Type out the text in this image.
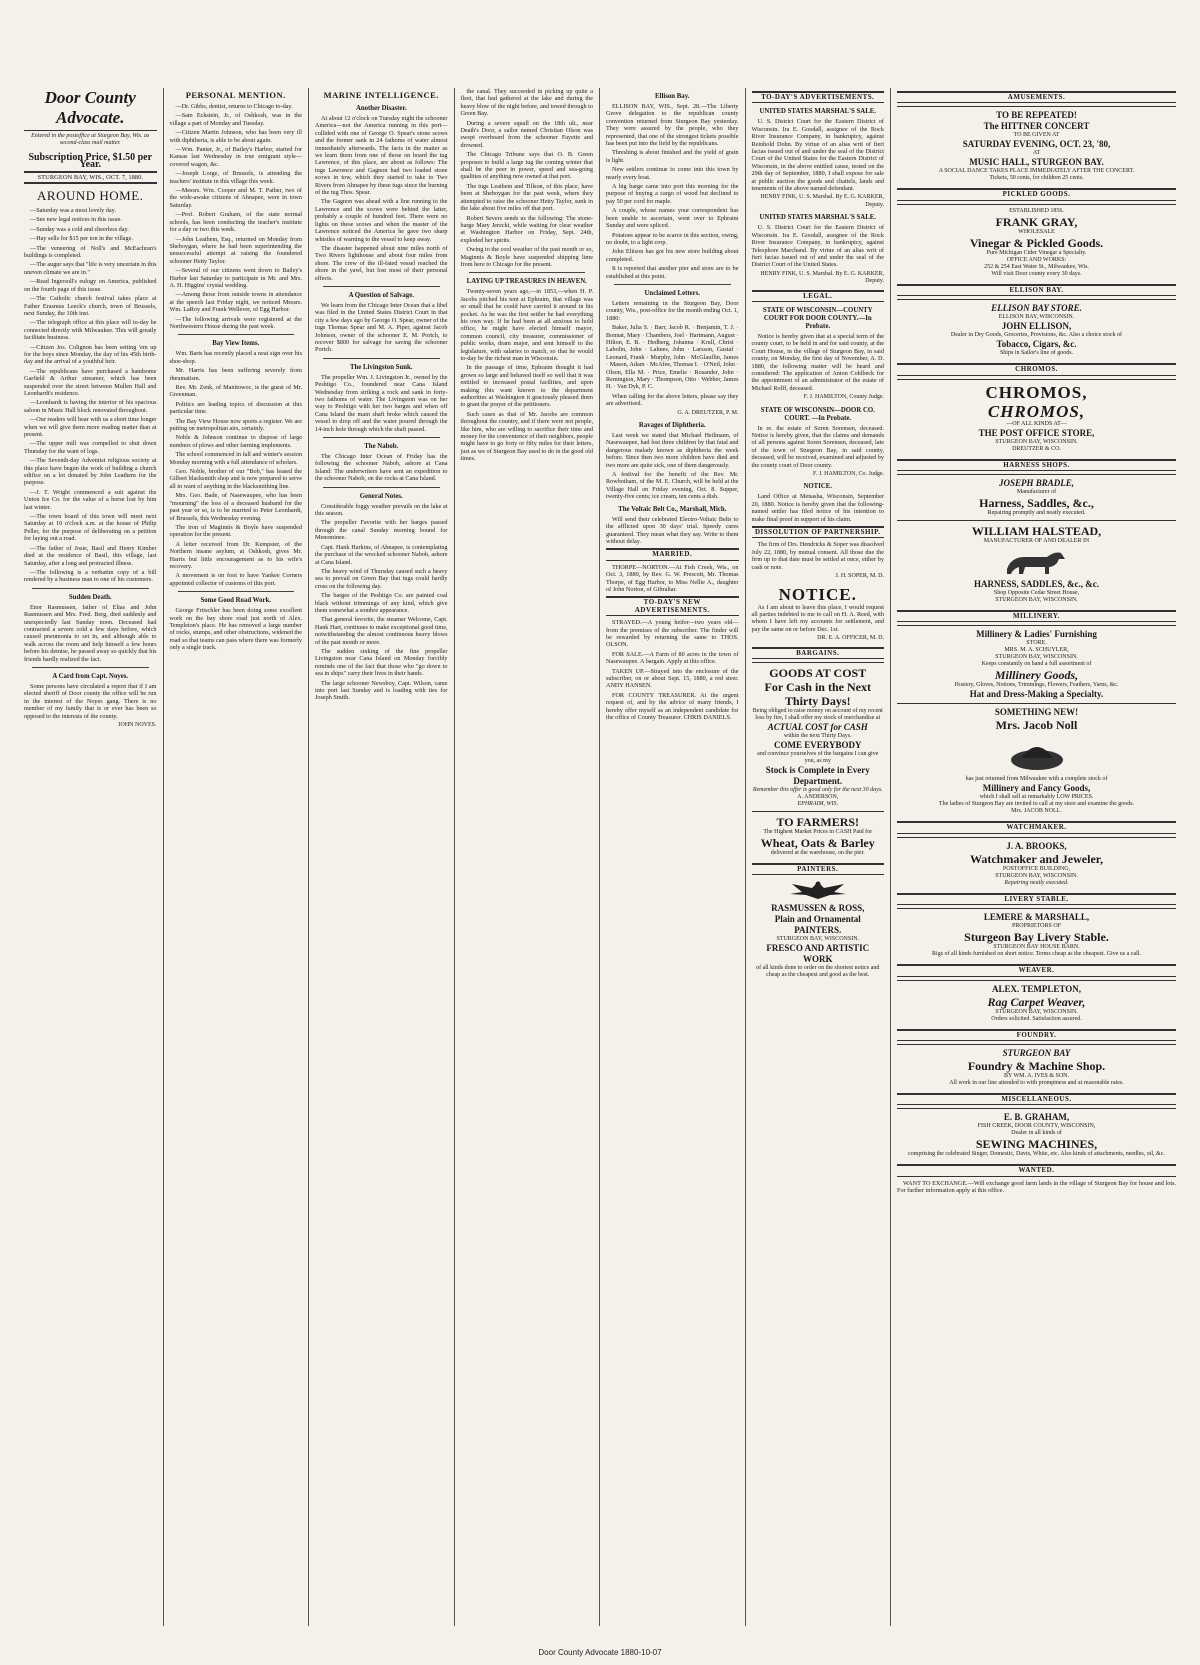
Door County Advocate.
Entered in the postoffice at Sturgeon Bay, Wis. as second-class mail matter.
Subscription Price, $1.50 per Year.
STURGEON BAY, WIS., OCT. 7, 1880.
AROUND HOME.

—Saturday was a most lovely day.

—See new legal notices in this issue.

—Sunday was a cold and cheerless day.

—Hay sells for $15 per ton in the village.

—The veneering of Noll's and McEachran's buildings is completed.

—The augur says that "life is very uncertain in this uneven climate we are in."

—Read Ingersoll's eulogy on America, published on the fourth page of this issue.

—The Catholic church festival takes place at Father Erasmus Leeck's church, town of Brussels, next Sunday, the 10th inst.

—The telegraph office at this place will to-day be connected directly with Milwaukee. This will greatly facilitate business.

—Citizen Jos. Colignon has been setting 'em up for the boys since Monday, the day of his 45th birth-day and the arrival of a youthful heir.

—The republicans have purchased a handsome Garfield & Arthur streamer, which has been suspended over the street between Mullen Hall and Leonhardt's residence.

—Leonhardt is having the interior of his spacious saloon in Music Hall block renovated throughout.

—Our readers will bear with us a short time longer when we will give them more reading matter than at present.

—The upper mill was compelled to shut down Thursday for the want of logs.

—The Seventh-day Adventist religious society at this place have begun the work of building a church edifice on a lot donated by John Leathem for the purpose.

—J. T. Wright commenced a suit against the Union Ice Co. for the value of a horse lost by him last winter.

—The town board of this town will meet next Saturday at 10 o'clock a.m. at the house of Philip Peller, for the purpose of deliberating on a petition for laying out a road.

—The father of Josie, Basil and Henry Kimber died at the residence of Basil, this village, last Saturday, after a long and protracted illness.

—The following is a verbatim copy of a bill rendered by a business man to one of his customers.

Sudden Death.

Enor Rasmussen, father of Elias and John Rasmussen and Mrs. Fred. Berg, died suddenly and unexpectedly last Sunday noon. Deceased had contracted a severe cold a few days before, which caused pneumonia to set in, and although able to walk across the room and help himself a few hours before his demise, he passed away so quickly that his friends hardly realized the fact.

A Card from Capt. Noyes.

Some persons have circulated a report that if I am elected sheriff of Door county the office will be run in the interest of the Noyes gang. There is no member of my family that is or ever has been so opposed to the interests of the county.

JOHN NOYES.
PERSONAL MENTION.

—Dr. Gibbs, dentist, returns to Chicago to-day.

—Sam Eckstein, Jr., of Oshkosh, was in the village a part of Monday and Tuesday.

—Citizen Martin Johnson, who has been very ill with diphtheria, is able to be about again.

—Wm. Panter, Jr., of Bailey's Harbor, started for Kansas last Wednesday in true emigrant style—covered wagon, &c.

—Joseph Lorge, of Brussels, is attending the teachers' institute in this village this week.

—Messrs. Wm. Cooper and M. T. Pather, two of the wide-awake citizens of Ahnapee, were in town Saturday.

—Prof. Robert Graham, of the state normal schools, has been conducting the teacher's institute for a day or two this week.

—John Leathem, Esq., returned on Monday from Sheboygan, where he had been superintending the unsuccessful attempt at raising the foundered schooner Hetty Taylor.

—Several of our citizens went down to Bailey's Harbor last Saturday to participate in Mr. and Mrs. A. H. Higgins' crystal wedding.

—Among those from outside towns in attendance at the speech last Friday night, we noticed Messrs. Wm. LaRoy and Frank Wellever, of Egg Harbor.

—The following arrivals were registered at the Northwestern House during the past week.

Bay View Items.

Wm. Barts has recently placed a neat sign over his shoe-shop.

Mr. Harris has been suffering severely from rheumatism.

Rev. Mr. Zenk, of Manitowoc, is the guest of Mr. Greenman.

Politics are leading topics of discussion at this particular time.

The Bay View House now sports a register. We are putting on metropolitan airs, certainly.

Noble & Johnson continue to dispose of large numbers of plows and other farming implements.

The school commenced in fall and winter's session Monday morning with a full attendance of scholars.

Geo. Noble, brother of our "Bob," has leased the Gilbert blacksmith shop and is now prepared to serve all in want of anything in the blacksmithing line.

Mrs. Geo. Bade, of Nasewaupee, who has been "mourning" the loss of a deceased husband for the past year or so, is to be married to Peter Leonhardt, of Brussels, this Wednesday evening.

The iron of Maginnis & Boyle have suspended operation for the present.

A letter received from Dr. Kempster, of the Northern insane asylum, at Oshkosh, gives Mr. Harris but little encouragement as to his wife's recovery.

A movement is on foot to have Yankee Corners appointed collector of customs of this port.

Some Good Road Work.

George Fritschler has been doing some excellent work on the bay shore road just north of Alex. Templeton's place. He has removed a large number of rocks, stumps, and other obstructions, widened the road so that teams can pass where there was formerly only a single track.

MARINE INTELLIGENCE.
Another Disaster.

At about 12 o'clock on Tuesday night the schooner America—not the America running in this port—collided with one of George O. Spear's stone scows and the former sank in 24 fathoms of water almost immediately afterwards. The facts in the matter as we learn them from one of those on board the tug Lawrence, of this place, are about as follows: The tugs Lawrence and Gagnon had two loaded stone scows in tow, which they started to take to Two Rivers from Ahnapee by these tugs since the burning of the tug Thos. Spear.

The Gagnon was ahead with a line running to the Lawrence and the scows were behind the latter, probably a couple of hundred feet. There were no lights on these scows and when the master of the Lawrence noticed the America he gave two sharp whistles of warning to the vessel to keep away.

The disaster happened about nine miles north of Two Rivers lighthouse and about four miles from shore. The crew of the ill-fated vessel reached the shore in the yawl, but lost most of their personal effects.

A Question of Salvage.

We learn from the Chicago Inter Ocean that a libel was filed in the United States District Court in that city a few days ago by George O. Spear, owner of the tugs Thomas Spear and M. A. Piper, against Jacob Johnson, owner of the schooner E. M. Portch, to recover $800 for salvage for saving the schooner Portch.

The Livingston Sunk.

The propeller Wm. J. Livingston Jr., owned by the Peshtigo Co., foundered near Cana Island Wednesday from striking a rock and sank in forty-two fathoms of water. The Livingston was on her way to Peshtigo with her two barges and when off Cana Island the main shaft broke which caused the vessel to drop off and the water poured through the 14-inch hole through which the shaft passed.

The Nabob.

The Chicago Inter Ocean of Friday has the following the schooner Nabob, ashore at Cana Island: The underwriters have sent an expedition to the schooner Nabob, on the rocks at Cana Island.

General Notes.

Considerable foggy weather prevails on the lake at this season.

The propeller Favorite with her barges passed through the canal Sunday morning bound for Menominee.

Capt. Hank Harkins, of Ahnapee, is contemplating the purchase of the wrecked schooner Nabob, ashore at Cana Island.

The heavy wind of Thursday caused such a heavy sea to prevail on Green Bay that tugs could hardly cross on the following day.

The barges of the Peshtigo Co. are painted coal black without trimmings of any kind, which give them somewhat a sombre appearance.

That general favorite, the steamer Welcome, Capt. Hank Hart, continues to make exceptional good time, notwithstanding the almost continuous heavy blows of the past month or more.

The sudden sinking of the fine propeller Livingston near Cana Island on Monday forcibly reminds one of the fact that those who "go down to sea in ships" carry their lives in their hands.

The large schooner Newsboy, Capt. Wilson, came into port last Sunday and is loading with ties for Joseph Smith.

the canal. They succeeded in picking up quite a fleet, that had gathered at the lake and during the heavy blow of the night before, and towed through to Green Bay.

During a severe squall on the 18th ult., near Death's Door, a sailor named Christian Olson was swept overboard from the schooner Fayette and drowned.

The Chicago Tribune says that O. B. Green proposes to build a large tug the coming winter that shall be the peer in power, speed and sea-going qualities of anything now owned at that port.

The tugs Leathem and Tillson, of this place, have been at Sheboygan for the past week, where they attempted to raise the schooner Hetty Taylor, sunk in the lake about five miles off that port.

Robert Severs sends us the following: The stone-barge Mary Jerecki, while waiting for clear weather at Washington Harbor on Friday, Sept. 24th, exploded her spirits.

Owing to the cool weather of the past month or so, Maginnis & Boyle have suspended shipping lime from here to Chicago for the present.

LAYING UP TREASURES IN HEAVEN.

Twenty-seven years ago,—in 1853,—when H. P. Jacobs pitched his tent at Ephraim, that village was so small that he could have carried it around in his pocket. As he was the first settler he had everything his own way. If he had been at all anxious to hold office, he might have elected himself mayor, common council, city treasurer, commissioner of public works, dram major, and sent himself to the legislature, with salaries to match, so that he would to-day be the richest man in Wisconsin.

In the passage of time, Ephraim thought it had grown so large and behaved itself so well that it was entitled to increased postal facilities, and upon making this want known to the department authorities at Washington it graciously pleased them to grant the prayer of the petitioners.

Such cases as that of Mr. Jacobs are common throughout the country, and if there were not people, like him, who are willing to sacrifice their time and money for the convenience of their neighbors, people might have to go forty or fifty miles for their letters, just as we of Sturgeon Bay used to do in the good old times.

Ellison Bay.

ELLISON BAY, WIS., Sept. 28.—The Liberty Grove delegation to the republican county convention returned from Sturgeon Bay yesterday. They were assured by the people, who they represented, that one of the strongest tickets possible has been put into the field by the republicans.

Threshing is about finished and the yield of grain is light.

New settlers continue to come into this town by nearly every boat.

A big barge came into port this morning for the purpose of buying a cargo of wood but declined to pay 50 per cord for maple.

A couple, whose names your correspondent has been unable to ascertain, went over to Ephraim Sunday and were spliced.

Potatoes appear to be scarce in this section, owing, no doubt, to a light crop.

John Eliison has got his new store building about completed.

It is reported that another pier and store are to be established at this point.

Unclaimed Letters.

Letters remaining in the Sturgeon Bay, Door county, Wis., post-office for the month ending Oct. 1, 1880:

Baker, Julia S. · Barr, Jacob R. · Benjamin, T. J. · Bonnat, Mary · Chambers, Joel · Hartmann, August · Hilton, E. B. · Hedberg, Johanna · Krull, Christ · Labolin, John · Lahnes, John · Larsson, Gustaf · Leonard, Frank · Murphy, John · McGlauflin, James · Mason, Adam · McAfee, Thomas I. · O'Neil, John · Olson, Ella M. · Price, Emelie · Rosander, John · Remington, Mary · Thompson, Otto · Webber, James H. · Van Dyk, P. C.

When calling for the above letters, please say they are advertised.

G. A. DREUTZER, P. M.
Ravages of Diphtheria.

Last week we stated that Michael Heilmann, of Nasewaupee, had lost three children by that fatal and dangerous malady known as diphtheria the week before. Since then two more children have died and two more are quite sick, one of them dangerously.

A festival for the benefit of the Rev. Mr. Rowbotham, of the M. E. Church, will be held at the Village Hall on Friday evening, Oct. 8. Supper, twenty-five cents; ice cream, ten cents a dish.

The Voltaic Belt Co., Marshall, Mich.

Will send their celebrated Electro-Voltaic Belts to the afflicted upon 30 days' trial. Speedy cures guaranteed. They mean what they say. Write to them without delay.

MARRIED.

THORPE—NORTON.—At Fish Creek, Wis., on Oct. 3, 1880, by Rev. G. W. Prescott, Mr. Thomas Thorpe, of Egg Harbor, to Miss Nellie A., daughter of John Norton, of Gibraltar.

TO-DAY'S NEW ADVERTISEMENTS.

STRAYED.—A young heifer—two years old—from the premises of the subscriber. The finder will be rewarded by returning the same to THOS. OLSON.

FOR SALE.—A Farm of 80 acres in the town of Nasewaupee. A bargain. Apply at this office.

TAKEN UP.—Strayed into the enclosure of the subscriber, on or about Sept. 15, 1880, a red steer. ANDY HANSEN.

FOR COUNTY TREASURER. At the urgent request of, and by the advice of many friends, I hereby offer myself as an independent candidate for the office of County Treasurer. CHRIS DANIELS.

TO-DAY'S ADVERTISEMENTS.
UNITED STATES MARSHAL'S SALE.

U. S. District Court for the Eastern District of Wisconsin. Ira E. Goodall, assignee of the Rock River Insurance Company, in bankruptcy, against Reinhold Dohn. By virtue of an alias writ of fieri facias issued out of and under the seal of the District Court of the United States for the Eastern District of Wisconsin, in the above entitled cause, tested on the 29th day of September, 1880, I shall expose for sale at public auction the goods and chattels, lands and tenements of the above named defendant.

HENRY FINK, U. S. Marshal. By E. G. KARKER, Deputy.
UNITED STATES MARSHAL'S SALE.

U. S. District Court for the Eastern District of Wisconsin. Ira E. Goodall, assignee of the Rock River Insurance Company, in bankruptcy, against Telesphore Marchand. By virtue of an alias writ of fieri facias issued out of and under the seal of the District Court of the United States.

HENRY FINK, U. S. Marshal. By E. G. KARKER, Deputy.
LEGAL.
STATE OF WISCONSIN—COUNTY COURT FOR DOOR COUNTY.—In Probate.

Notice is hereby given that at a special term of the county court, to be held in and for said county, at the Court House, in the village of Sturgeon Bay, in said county, on Monday, the first day of November, A. D. 1880, the following matter will be heard and considered: The application of Anton Cohlbeck for the appointment of an administrator of the estate of Michael Rolff, deceased.

F. J. HAMILTON, County Judge.
STATE OF WISCONSIN—DOOR CO. COURT. —In Probate.

In re. the estate of Soren Sorensen, deceased. Notice is hereby given, that the claims and demands of all persons against Soren Sorensen, deceased, late of the town of Sturgeon Bay, in said county, deceased, will be received, examined and adjusted by the county court of Door county.

F. J. HAMILTON, Co. Judge.
NOTICE.

Land Office at Menasha, Wisconsin, September 20, 1880. Notice is hereby given that the following-named settler has filed notice of his intention to make final proof in support of his claim.

DISSOLUTION OF PARTNERSHIP.

The firm of Drs. Hendricks & Soper was dissolved July 22, 1880, by mutual consent. All those due the firm up to that date must be settled at once, either by cash or note.

J. H. SOPER, M. D.
NOTICE.

As I am about to leave this place, I would request all parties indebted to me to call on H. A. Reed, with whom I have left my accounts for settlement, and pay the same on or before Dec. 1st.

DR. E. A. OFFICER, M. D.
BARGAINS.
GOODS AT COST
For Cash in the Next Thirty Days!
Being obliged to raise money on account of my recent loss by fire, I shall offer my stock of merchandise at
ACTUAL COST for CASH
within the next Thirty Days.
COME EVERYBODY
and convince yourselves of the bargains I can give you, as my
Stock is Complete in Every Department.
Remember this offer is good only for the next 30 days.
A. ANDERSON,
EPHRAIM, WIS.
TO FARMERS!
The Highest Market Prices in CASH Paid for
Wheat, Oats & Barley
delivered at the warehouse, on the pier.
PAINTERS.
RASMUSSEN & ROSS,
Plain and Ornamental PAINTERS.
STURGEON BAY, WISCONSIN.
FRESCO AND ARTISTIC WORK
of all kinds done to order on the shortest notice and cheap as the cheapest and good as the best.
AMUSEMENTS.
TO BE REPEATED!
The HITTNER CONCERT
TO BE GIVEN AT
SATURDAY EVENING, OCT. 23, '80,
AT
MUSIC HALL, STURGEON BAY.
A SOCIAL DANCE TAKES PLACE IMMEDIATELY AFTER THE CONCERT.
Tickets, 50 cents, for children 25 cents.
PICKLED GOODS.
ESTABLISHED 1856.
FRANK GRAY,
WHOLESALE
Vinegar & Pickled Goods.
Pure Michigan Cider Vinegar a Specialty.
OFFICE AND WORKS:
252 & 254 East Water St., Milwaukee, Wis.
Will visit Door county every 30 days.
ELLISON BAY.
ELLISON BAY STORE.
ELLISON BAY, WISCONSIN.
JOHN ELLISON,
Dealer in Dry Goods, Groceries, Provisions, &c. Also a choice stock of
Tobacco, Cigars, &c.
Ships in Sailor's line of goods.
CHROMOS.
CHROMOS,
CHROMOS,
—OF ALL KINDS AT—
THE POST OFFICE STORE,
STURGEON BAY, WISCONSIN.
DREUTZER & CO.
HARNESS SHOPS.
JOSEPH BRADLE,
Manufacturer of
Harness, Saddles, &c.,
Repairing promptly and neatly executed.
WILLIAM HALSTEAD,
MANUFACTURER OF AND DEALER IN
HARNESS, SADDLES, &c., &c.
Shop Opposite Cedar Street House,
STURGEON BAY, WISCONSIN.
MILLINERY.
Millinery & Ladies' Furnishing
STORE.
MRS. M. A. SCHUYLER,
STURGEON BAY, WISCONSIN.
Keeps constantly on hand a full assortment of
Millinery Goods,
Hosiery, Gloves, Notions, Trimmings, Flowers, Feathers, Yarns, &c.
Hat and Dress-Making a Specialty.
SOMETHING NEW!
Mrs. Jacob Noll
has just returned from Milwaukee with a complete stock of
Millinery and Fancy Goods,
which I shall sell at remarkably LOW PRICES.
The ladies of Sturgeon Bay are invited to call at my store and examine the goods.
Mrs. JACOB NOLL.
WATCHMAKER.
J. A. BROOKS,
Watchmaker and Jeweler,
POSTOFFICE BUILDING,
STURGEON BAY, WISCONSIN.
Repairing neatly executed.
LIVERY STABLE.
LEMERE & MARSHALL,
PROPRIETORS OF
Sturgeon Bay Livery Stable.
STURGEON BAY HOUSE BARN.
Rigs of all kinds furnished on short notice. Terms cheap as the cheapest. Give us a call.
WEAVER.
ALEX. TEMPLETON,
Rag Carpet Weaver,
STURGEON BAY, WISCONSIN.
Orders solicited. Satisfaction assured.
FOUNDRY.
STURGEON BAY
Foundry & Machine Shop.
BY WM. A. IVES & SON.
All work in our line attended to with promptness and at reasonable rates.
MISCELLANEOUS.
E. B. GRAHAM,
FISH CREEK, DOOR COUNTY, WISCONSIN,
Dealer in all kinds of
SEWING MACHINES,
comprising the celebrated Singer, Domestic, Davis, White, etc. Also kinds of attachments, needles, oil, &c.
WANTED.

WANT TO EXCHANGE.—Will exchange good farm lands in the village of Sturgeon Bay for house and lots. For further information apply at this office.

Door County Advocate 1880-10-07
